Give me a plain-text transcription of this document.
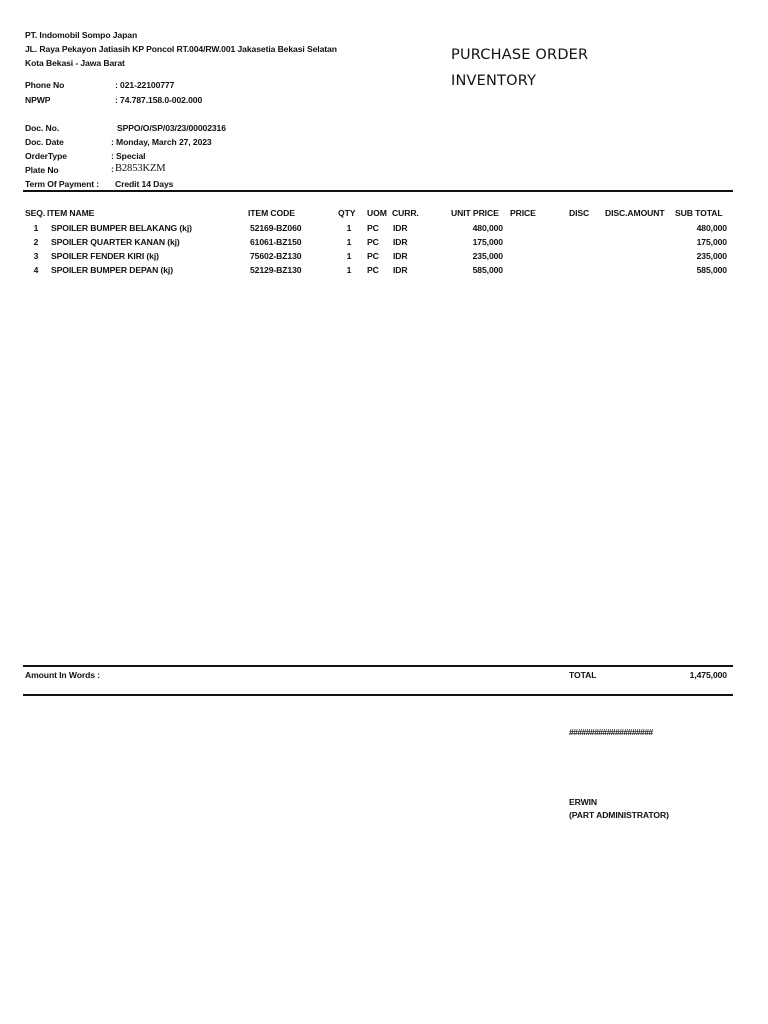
PT. Indomobil Sompo Japan
JL. Raya Pekayon Jatiasih KP Poncol RT.004/RW.001 Jakasetia Bekasi Selatan
Kota Bekasi - Jawa Barat
Phone No	: 021-22100777
NPWP	: 74.787.158.0-002.000
PURCHASE ORDER
INVENTORY
Doc. No.	SPPO/O/SP/03/23/00002316
Doc. Date	: Monday, March 27, 2023
OrderType	: Special
Plate No	: B2853KZM
Term Of Payment : Credit 14 Days
SEQ. ITEM NAME	ITEM CODE	QTY UOM CURR.	UNIT PRICE PRICE	DISC DISC.AMOUNT SUB TOTAL
1	SPOILER BUMPER BELAKANG (kj)	52169-BZ060	1	PC IDR	480,000	480,000
2	SPOILER QUARTER KANAN (kj)	61061-BZ150	1	PC IDR	175,000	175,000
3	SPOILER FENDER KIRI (kj)	75602-BZ130	1	PC IDR	235,000	235,000
4	SPOILER BUMPER DEPAN (kj)	52129-BZ130	1	PC IDR	585,000	585,000
Amount In Words :	TOTAL	1,475,000
####################
ERWIN
(PART ADMINISTRATOR)
